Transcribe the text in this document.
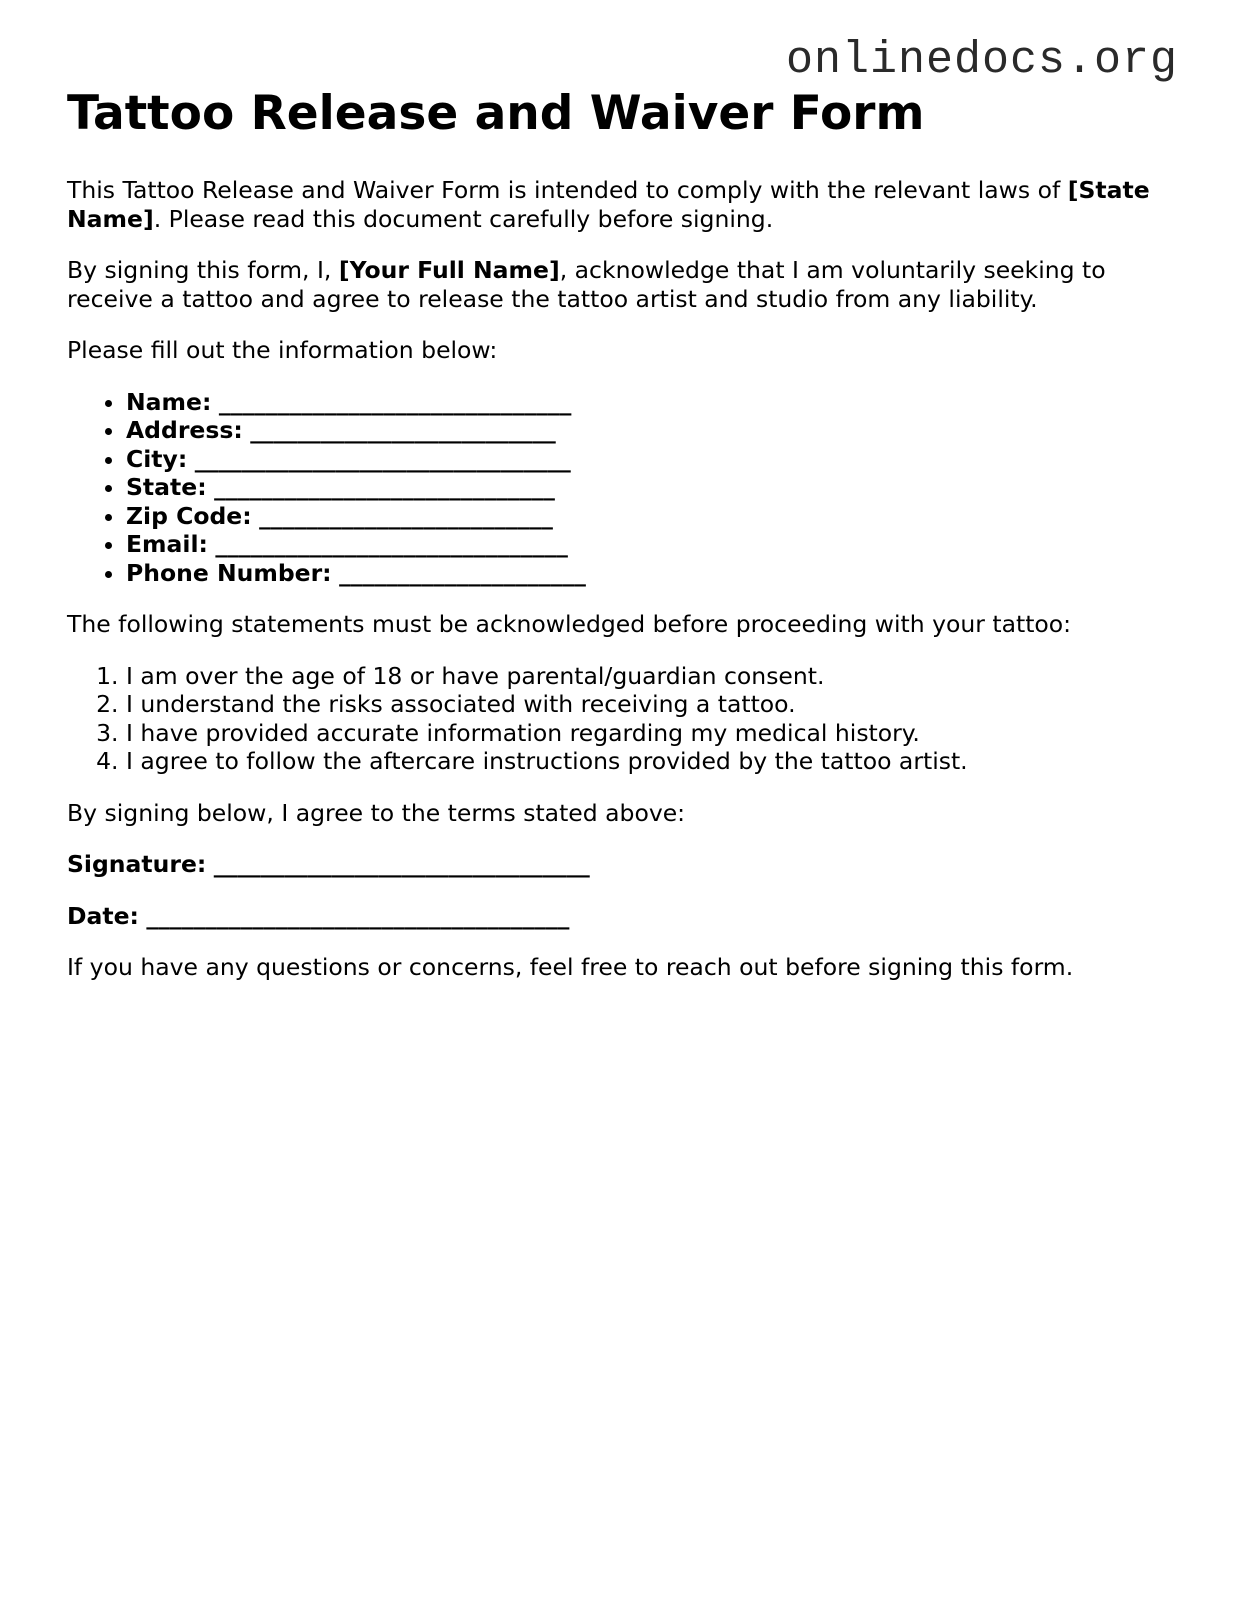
onlinedocs.org
Tattoo Release and Waiver Form

This Tattoo Release and Waiver Form is intended to comply with the relevant laws of [State Name]. Please read this document carefully before signing.

By signing this form, I, [Your Full Name], acknowledge that I am voluntarily seeking to receive a tattoo and agree to release the tattoo artist and studio from any liability.

Please fill out the information below:

• Name: ______________________________
• Address: __________________________
• City: ________________________________
• State: _____________________________
• Zip Code: _________________________
• Email: ______________________________
• Phone Number: _____________________

The following statements must be acknowledged before proceeding with your tattoo:

1. I am over the age of 18 or have parental/guardian consent.
2. I understand the risks associated with receiving a tattoo.
3. I have provided accurate information regarding my medical history.
4. I agree to follow the aftercare instructions provided by the tattoo artist.

By signing below, I agree to the terms stated above:

Signature: ________________________________

Date: ____________________________________

If you have any questions or concerns, feel free to reach out before signing this form.
